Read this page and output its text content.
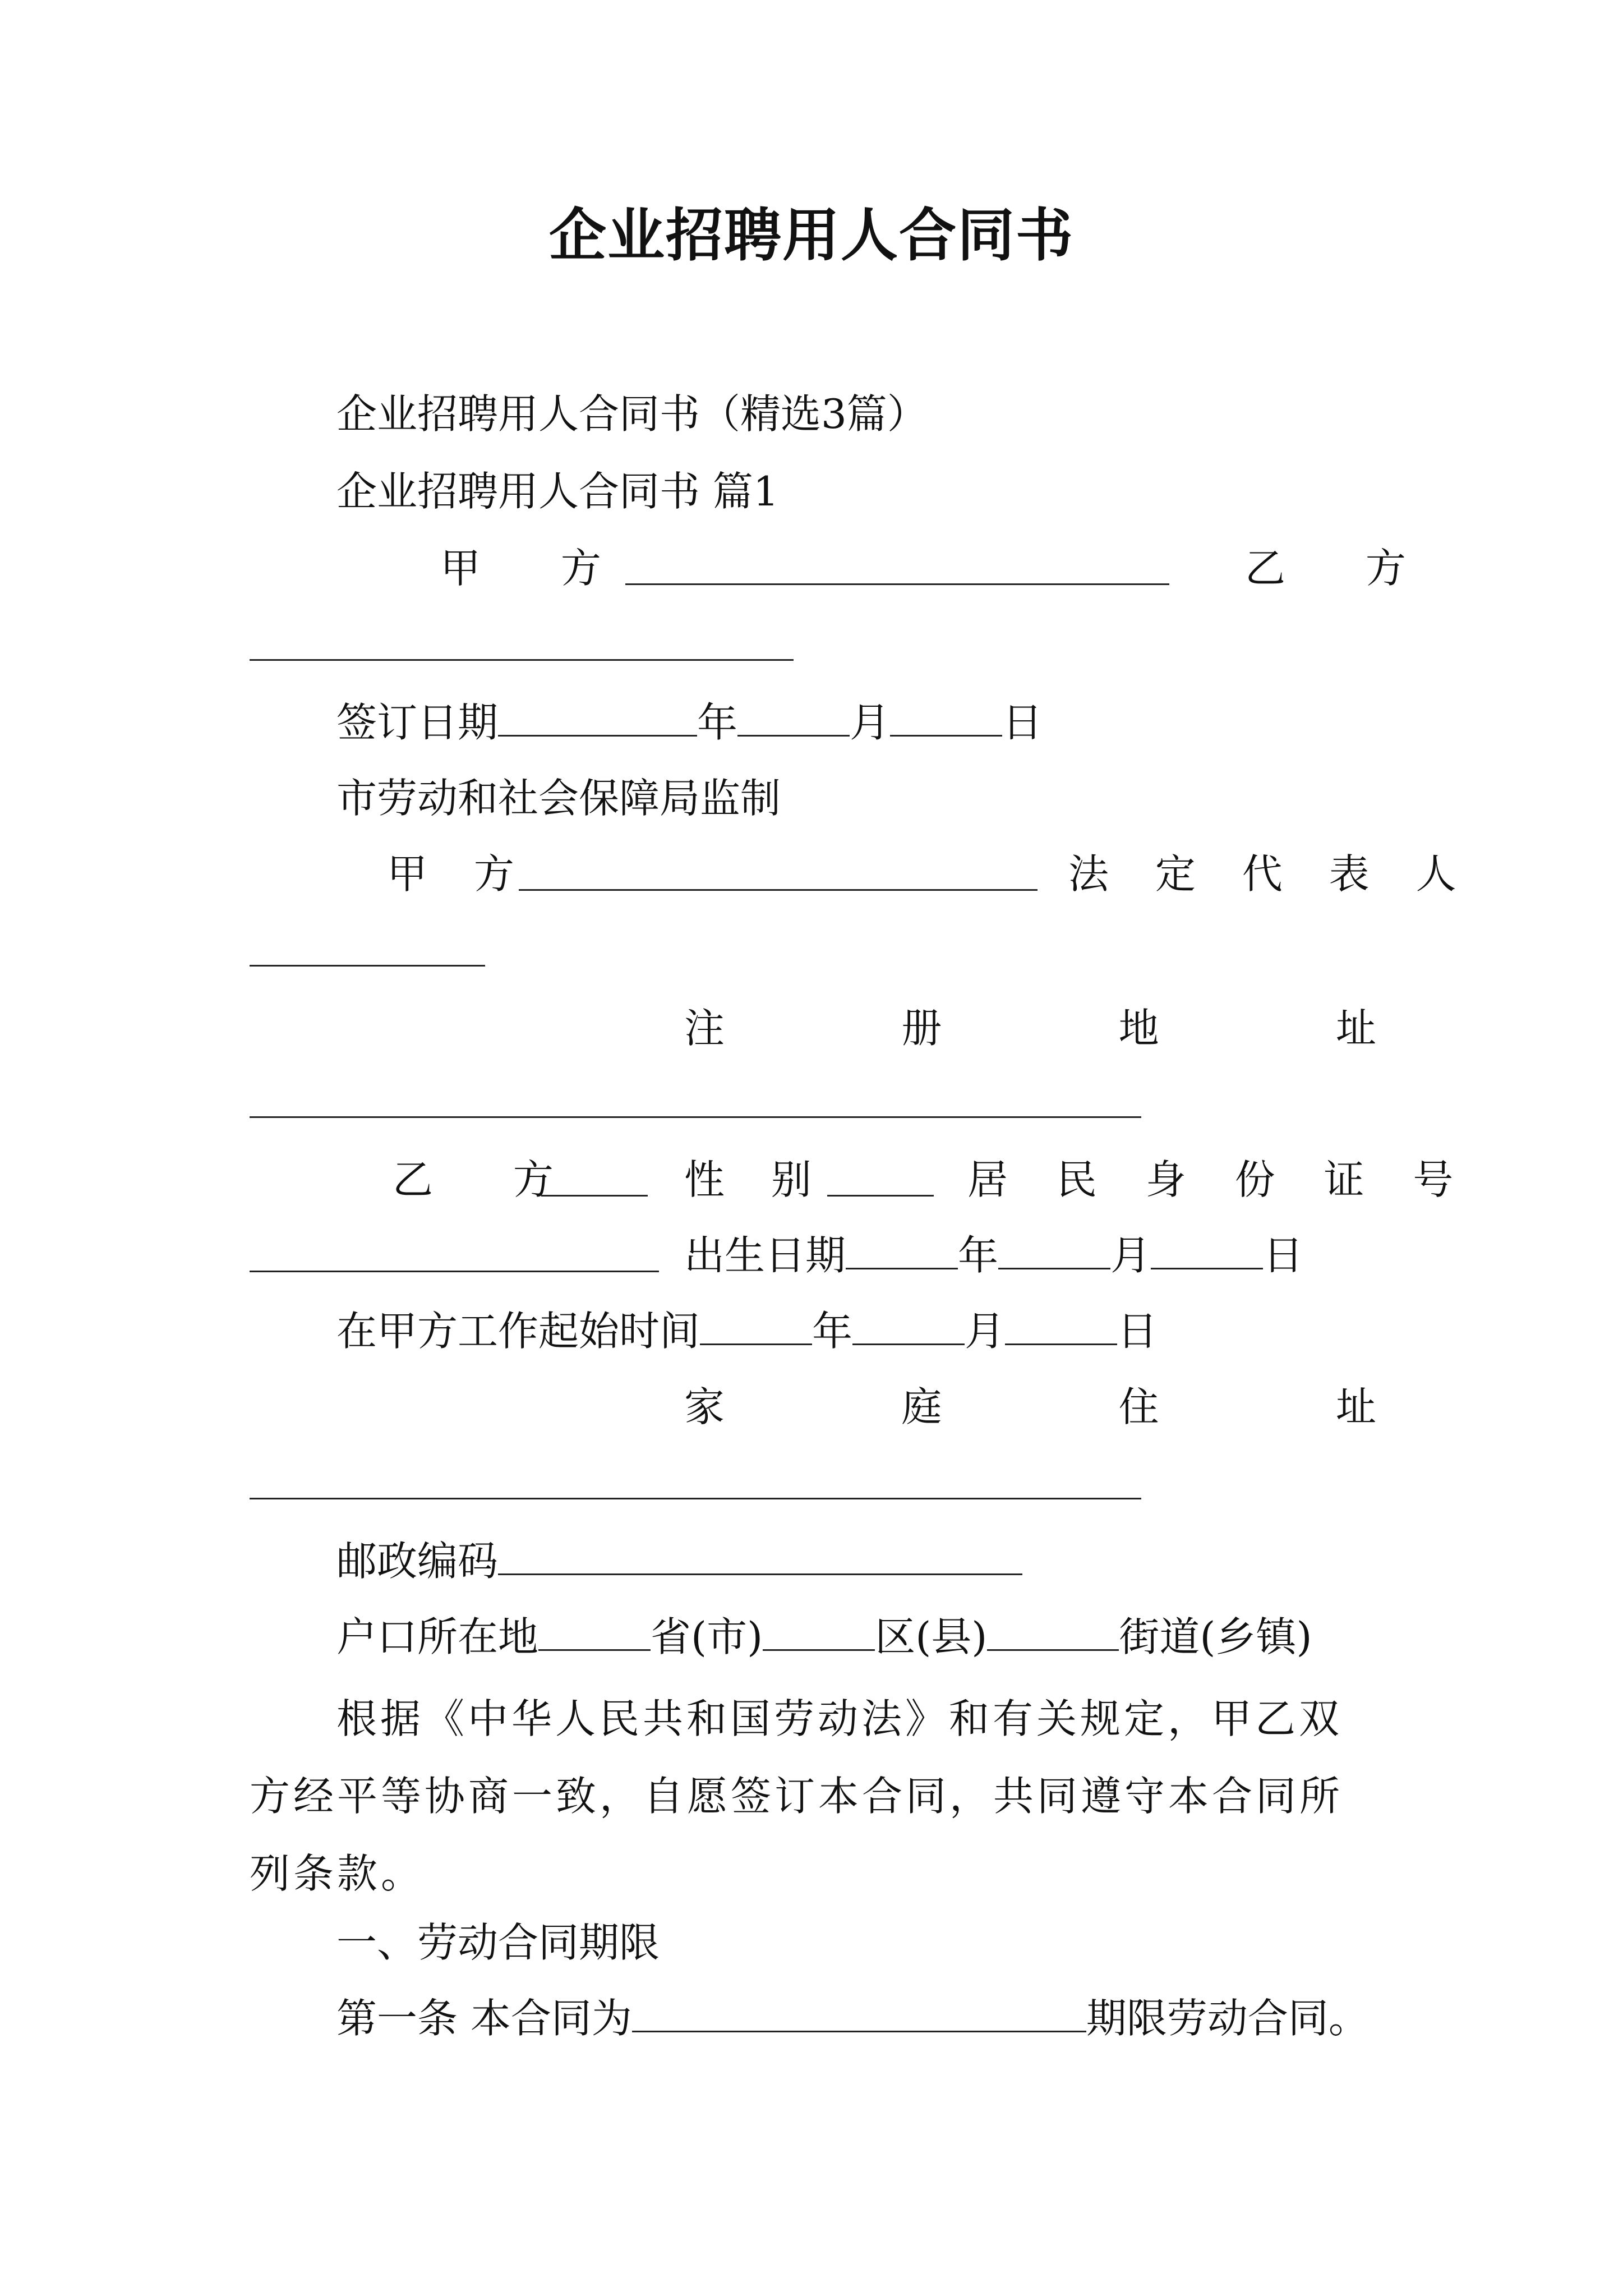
企业招聘用人合同书
企业招聘用人合同书（精选3篇）
企业招聘用人合同书 篇1
甲 方	乙 方
签订日期	年	月	日
市劳动和社会保障局监制
甲 方	法 定 代 表 人
注	册	地	址
乙 方	性 别	居 民 身 份 证 号
出生日期	年	月	日
在甲方工作起始时间	年	月	日
家	庭	住	址
邮政编码
户口所在地	省(市)	区(县)	街道(乡镇)
根据《中华人民共和国劳动法》和有关规定，甲乙双方经平等协商一致，自愿签订本合同，共同遵守本合同所列条款。
一、劳动合同期限
第一条 本合同为	期限劳动合同。
